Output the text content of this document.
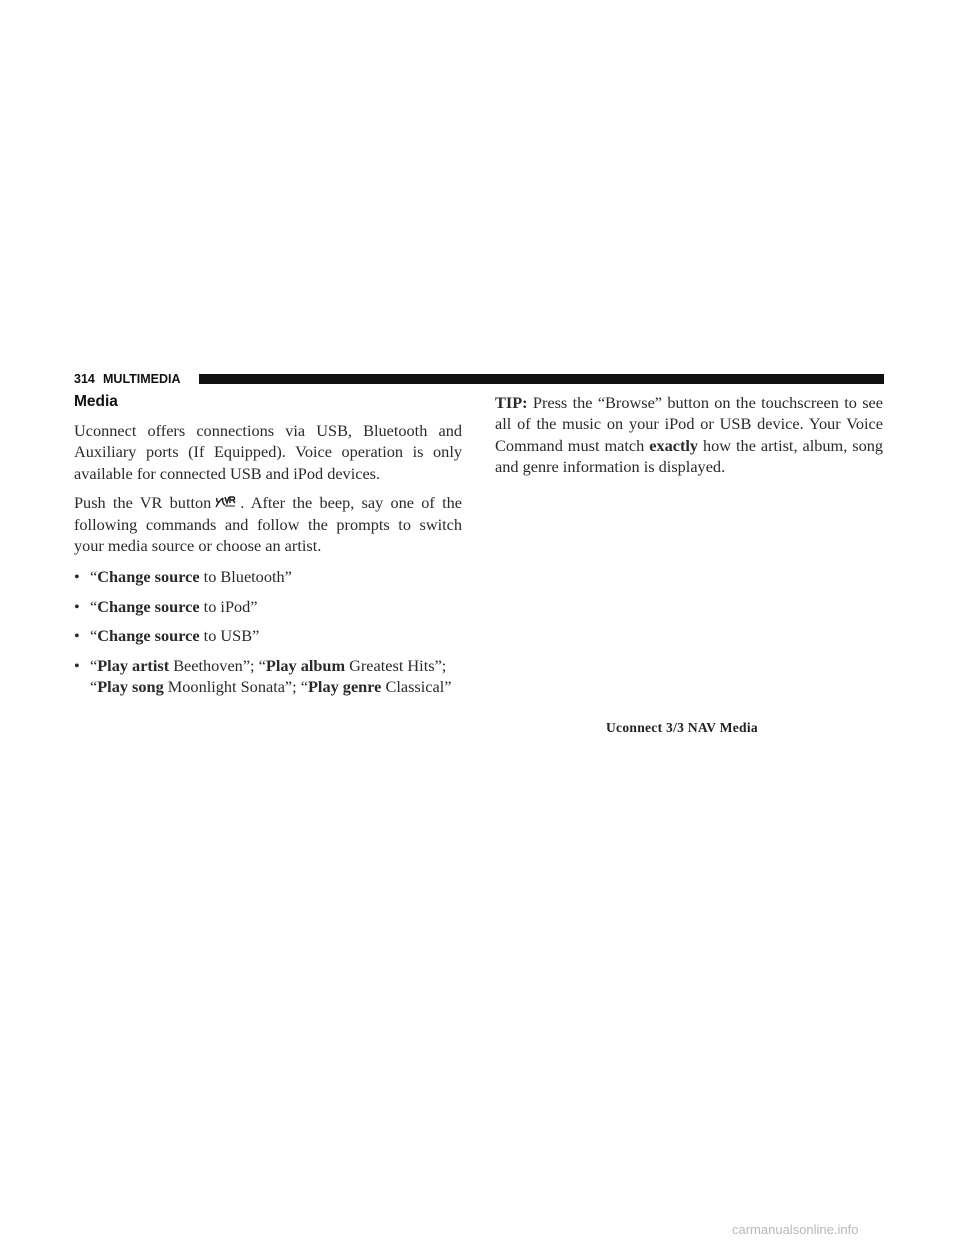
314 MULTIMEDIA
Media

Uconnect offers connections via USB, Bluetooth and Auxiliary ports (If Equipped). Voice operation is only available for connected USB and iPod devices.

Push the VR button . After the beep, say one of the following commands and follow the prompts to switch your media source or choose an artist.

• “Change source to Bluetooth”
• “Change source to iPod”
• “Change source to USB”
• “Play artist Beethoven”; “Play album Greatest Hits”; “Play song Moonlight Sonata”; “Play genre Classical”

TIP: Press the “Browse” button on the touchscreen to see all of the music on your iPod or USB device. Your Voice Command must match exactly how the artist, album, song and genre information is displayed.

Uconnect 3/3 NAV Media
carmanualsonline.info
